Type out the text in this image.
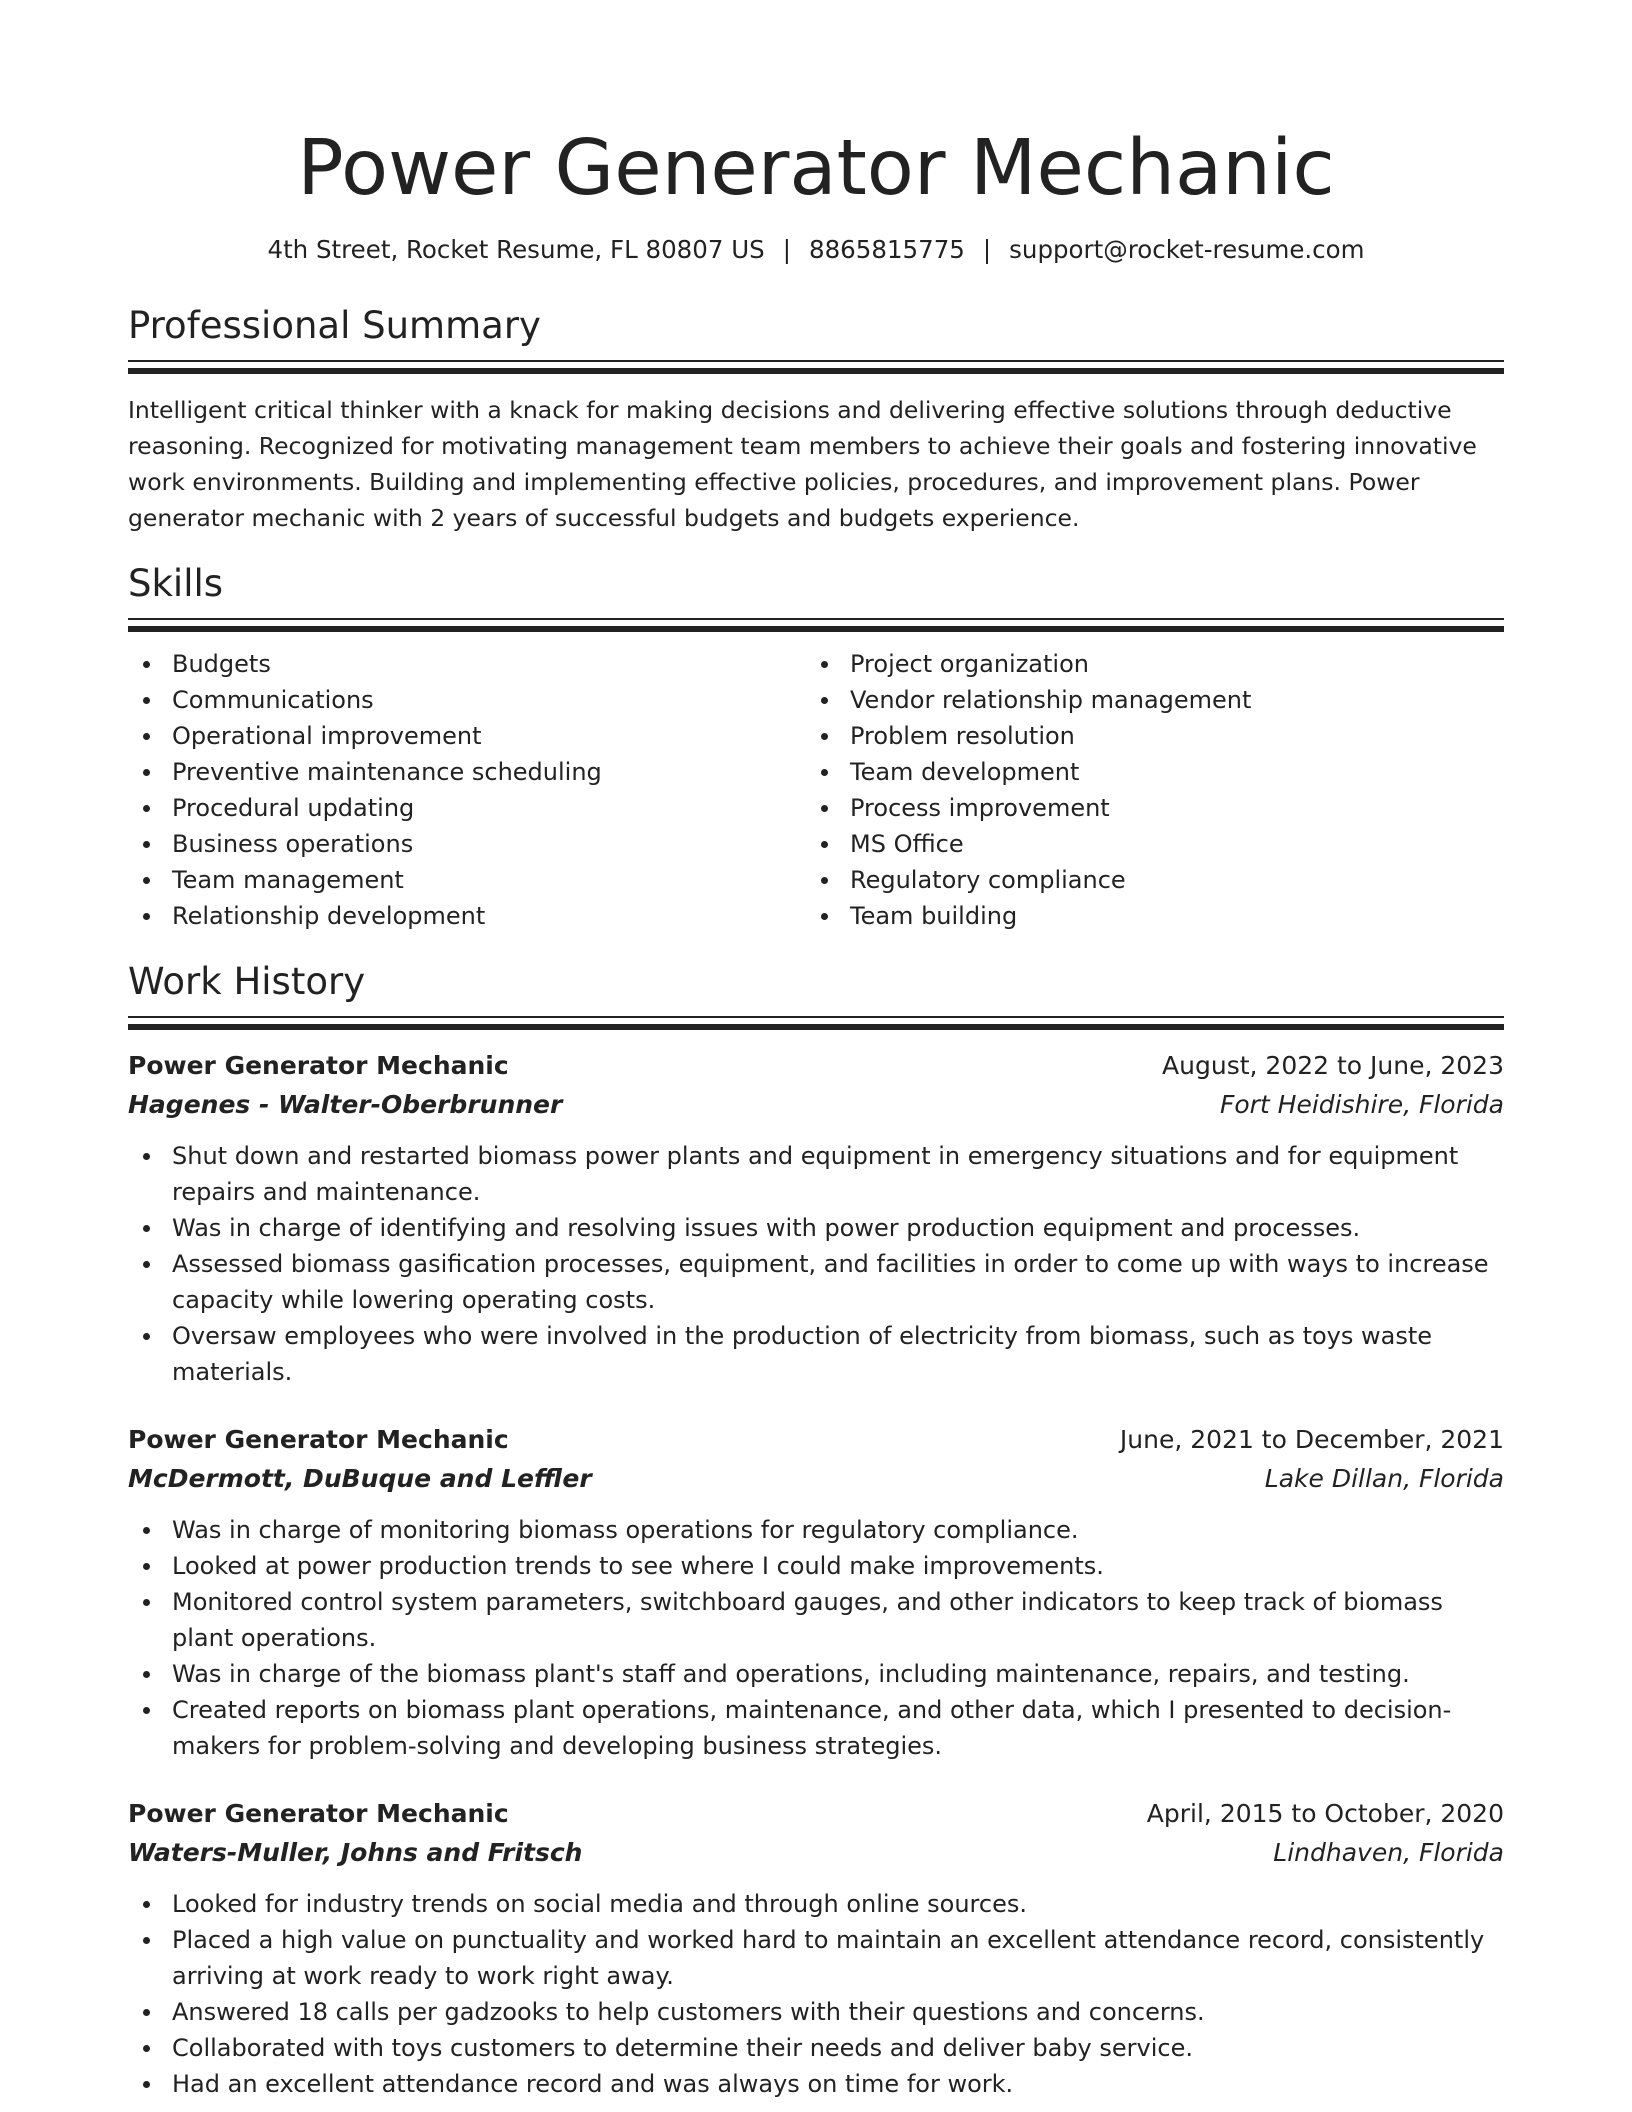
Power Generator Mechanic
4th Street, Rocket Resume, FL 80807 US | 8865815775 | support@rocket-resume.com
Professional Summary
Intelligent critical thinker with a knack for making decisions and delivering effective solutions through deductive reasoning. Recognized for motivating management team members to achieve their goals and fostering innovative work environments. Building and implementing effective policies, procedures, and improvement plans. Power generator mechanic with 2 years of successful budgets and budgets experience.
Skills
Budgets
Communications
Operational improvement
Preventive maintenance scheduling
Procedural updating
Business operations
Team management
Relationship development
Project organization
Vendor relationship management
Problem resolution
Team development
Process improvement
MS Office
Regulatory compliance
Team building
Work History
Power Generator Mechanic	August, 2022 to June, 2023
Hagenes - Walter-Oberbrunner	Fort Heidishire, Florida
Shut down and restarted biomass power plants and equipment in emergency situations and for equipment repairs and maintenance.
Was in charge of identifying and resolving issues with power production equipment and processes.
Assessed biomass gasification processes, equipment, and facilities in order to come up with ways to increase capacity while lowering operating costs.
Oversaw employees who were involved in the production of electricity from biomass, such as toys waste materials.
Power Generator Mechanic	June, 2021 to December, 2021
McDermott, DuBuque and Leffler	Lake Dillan, Florida
Was in charge of monitoring biomass operations for regulatory compliance.
Looked at power production trends to see where I could make improvements.
Monitored control system parameters, switchboard gauges, and other indicators to keep track of biomass plant operations.
Was in charge of the biomass plant's staff and operations, including maintenance, repairs, and testing.
Created reports on biomass plant operations, maintenance, and other data, which I presented to decision-makers for problem-solving and developing business strategies.
Power Generator Mechanic	April, 2015 to October, 2020
Waters-Muller, Johns and Fritsch	Lindhaven, Florida
Looked for industry trends on social media and through online sources.
Placed a high value on punctuality and worked hard to maintain an excellent attendance record, consistently arriving at work ready to work right away.
Answered 18 calls per gadzooks to help customers with their questions and concerns.
Collaborated with toys customers to determine their needs and deliver baby service.
Had an excellent attendance record and was always on time for work.
